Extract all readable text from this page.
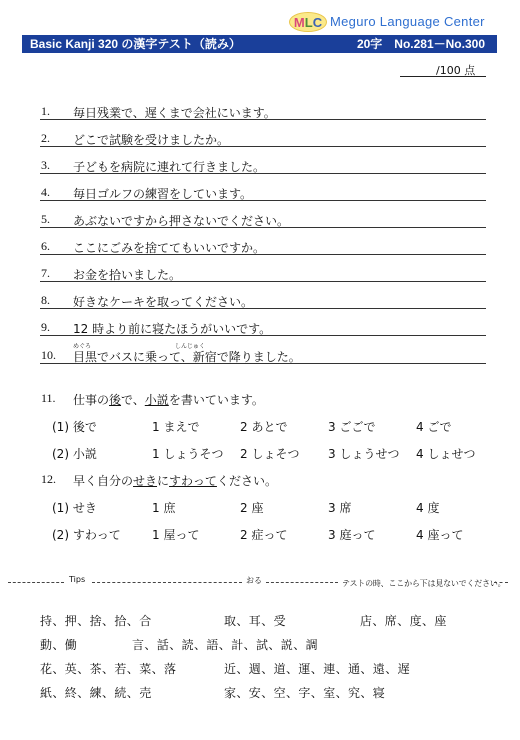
MLC Meguro Language Center
Basic Kanji 320 の漢字テスト（読み）	20字　No.281－No.300
/100 点
1. 毎日残業で、遅くまで会社にいます。
2. どこで試験を受けましたか。
3. 子どもを病院に連れて行きました。
4. 毎日ゴルフの練習をしています。
5. あぶないですから押さないでください。
6. ここにごみを捨ててもいいですか。
7. お金を拾いました。
8. 好きなケーキを取ってください。
9. 12 時より前に寝たほうがいいです。
10.
めぐろ	しんじゅく
目黒でバスに乗って、新宿で降りました。
11. 仕事の後で、小説を書いています。
(1) 後で	1 まえで	2 あとで	3 ごごで	4 ごで
(2) 小説	1 しょうそつ 2 しょそつ 3 しょうせつ 4 しょせつ
12. 早く自分のせきにすわってください。
(1) せき	1 庶	2 座	3 席	4 度
(2) すわって	1 屋って	2 症って	3 庭って	4 座って
Tips	おる	テストの時、ここから下は見ないでください。
持、押、捨、拾、合	取、耳、受	店、席、度、座
動、働	言、話、読、語、計、試、説、調
花、英、茶、若、菜、落	近、週、道、運、連、通、遠、遅
紙、終、練、続、売	家、安、空、字、室、究、寝
